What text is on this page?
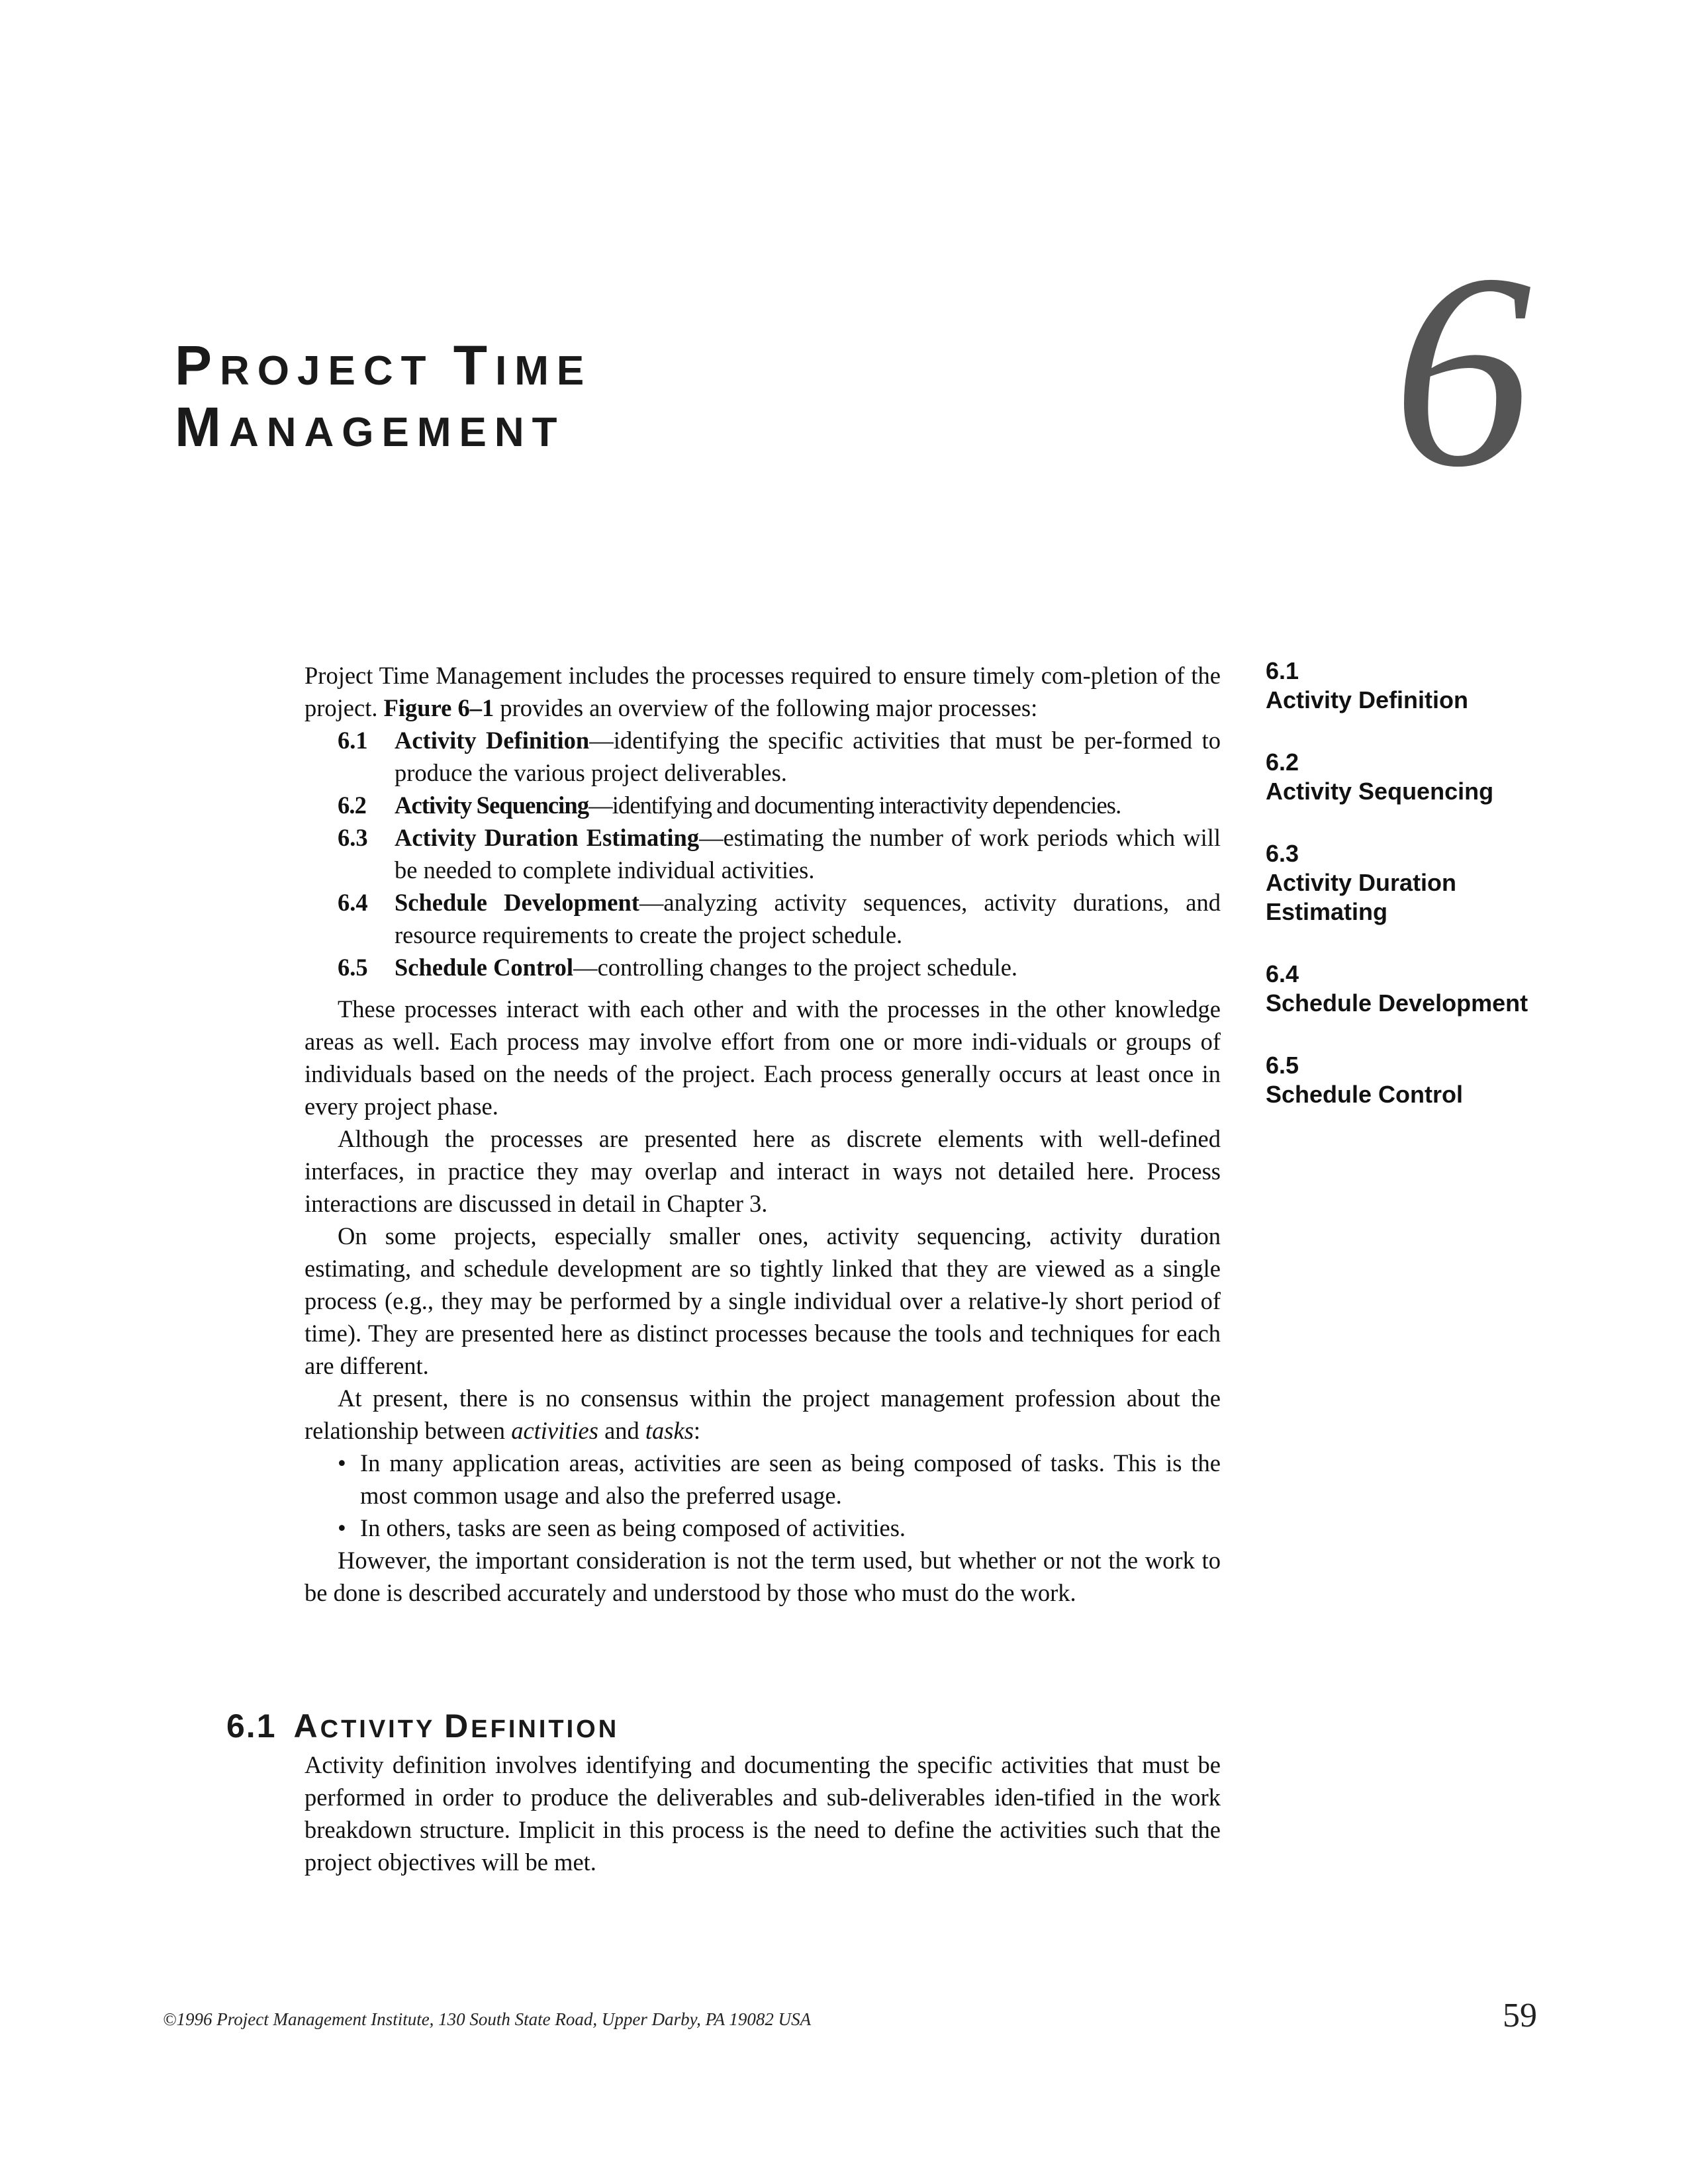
PROJECT TIME
MANAGEMENT	6

Project Time Management includes the processes required to ensure timely com-pletion of the project. Figure 6–1 provides an overview of the following major processes:

6.1 Activity Definition—identifying the specific activities that must be per-formed to produce the various project deliverables.

6.2 Activity Sequencing—identifying and documenting interactivity dependencies.

6.3 Activity Duration Estimating—estimating the number of work periods which will be needed to complete individual activities.

6.4 Schedule Development—analyzing activity sequences, activity durations, and resource requirements to create the project schedule.

6.5 Schedule Control—controlling changes to the project schedule.

These processes interact with each other and with the processes in the other knowledge areas as well. Each process may involve effort from one or more indi-viduals or groups of individuals based on the needs of the project. Each process generally occurs at least once in every project phase.

Although the processes are presented here as discrete elements with well-defined interfaces, in practice they may overlap and interact in ways not detailed here. Process interactions are discussed in detail in Chapter 3.

On some projects, especially smaller ones, activity sequencing, activity duration estimating, and schedule development are so tightly linked that they are viewed as a single process (e.g., they may be performed by a single individual over a relative-ly short period of time). They are presented here as distinct processes because the tools and techniques for each are different.

At present, there is no consensus within the project management profession about the relationship between activities and tasks:

• In many application areas, activities are seen as being composed of tasks. This is the most common usage and also the preferred usage.

• In others, tasks are seen as being composed of activities.

However, the important consideration is not the term used, but whether or not the work to be done is described accurately and understood by those who must do the work.

6.1
Activity Definition
6.2
Activity Sequencing
6.3
Activity Duration
Estimating
6.4
Schedule Development
6.5
Schedule Control
6.1 ACTIVITY DEFINITION

Activity definition involves identifying and documenting the specific activities that must be performed in order to produce the deliverables and sub-deliverables iden-tified in the work breakdown structure. Implicit in this process is the need to define the activities such that the project objectives will be met.

©1996 Project Management Institute, 130 South State Road, Upper Darby, PA 19082 USA	59
